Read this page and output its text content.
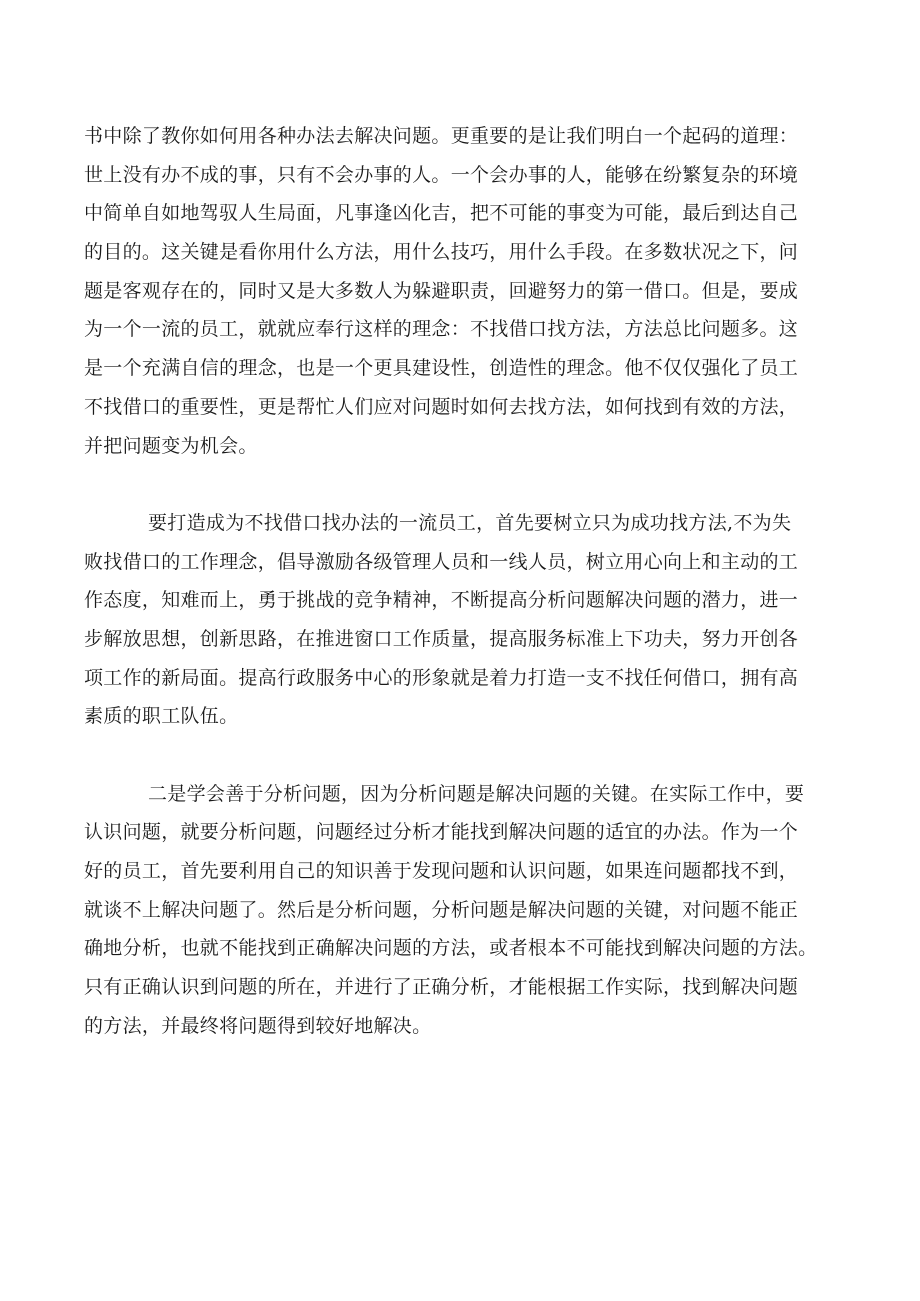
书中除了教你如何用各种办法去解决问题。更重要的是让我们明白一个起码的道理：
世上没有办不成的事，只有不会办事的人。一个会办事的人，能够在纷繁复杂的环境
中简单自如地驾驭人生局面，凡事逢凶化吉，把不可能的事变为可能，最后到达自己
的目的。这关键是看你用什么方法，用什么技巧，用什么手段。在多数状况之下，问
题是客观存在的，同时又是大多数人为躲避职责，回避努力的第一借口。但是，要成
为一个一流的员工，就就应奉行这样的理念：不找借口找方法，方法总比问题多。这
是一个充满自信的理念，也是一个更具建设性，创造性的理念。他不仅仅强化了员工
不找借口的重要性，更是帮忙人们应对问题时如何去找方法，如何找到有效的方法，
并把问题变为机会。
要打造成为不找借口找办法的一流员工，首先要树立只为成功找方法,不为失
败找借口的工作理念，倡导激励各级管理人员和一线人员，树立用心向上和主动的工
作态度，知难而上，勇于挑战的竞争精神，不断提高分析问题解决问题的潜力，进一
步解放思想，创新思路，在推进窗口工作质量，提高服务标准上下功夫，努力开创各
项工作的新局面。提高行政服务中心的形象就是着力打造一支不找任何借口，拥有高
素质的职工队伍。
二是学会善于分析问题，因为分析问题是解决问题的关键。在实际工作中，要
认识问题，就要分析问题，问题经过分析才能找到解决问题的适宜的办法。作为一个
好的员工，首先要利用自己的知识善于发现问题和认识问题，如果连问题都找不到，
就谈不上解决问题了。然后是分析问题，分析问题是解决问题的关键，对问题不能正
确地分析，也就不能找到正确解决问题的方法，或者根本不可能找到解决问题的方法。
只有正确认识到问题的所在，并进行了正确分析，才能根据工作实际，找到解决问题
的方法，并最终将问题得到较好地解决。
